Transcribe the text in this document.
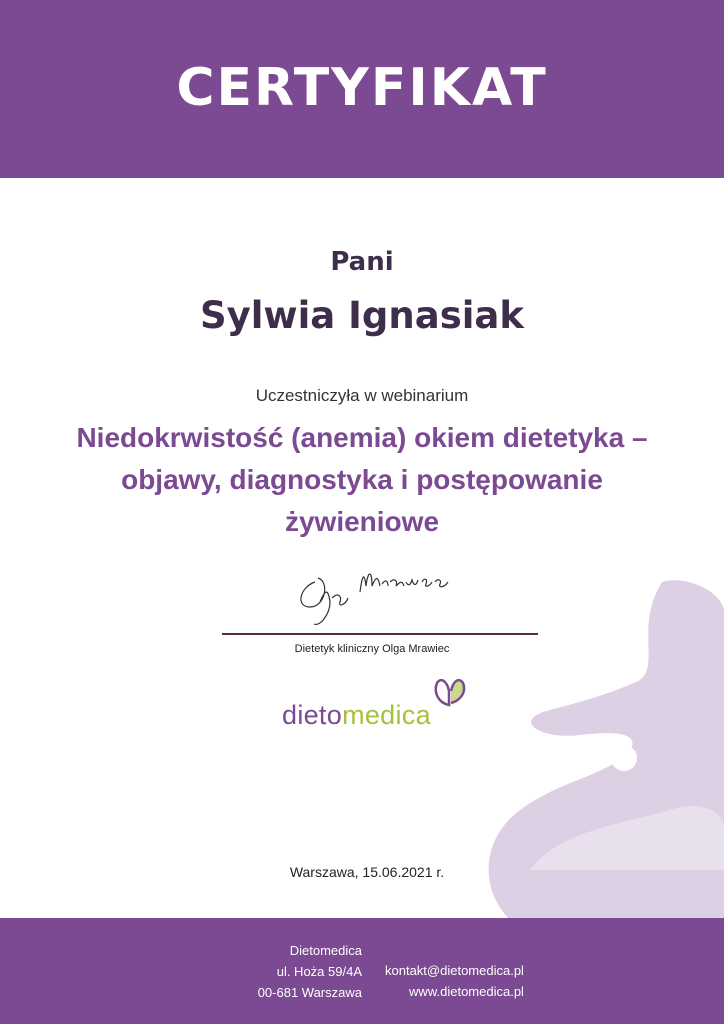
CERTYFIKAT
Pani
Sylwia Ignasiak
Uczestniczyła w webinarium
Niedokrwistość (anemia) okiem dietetyka –
objawy, diagnostyka i postępowanie
żywieniowe
Dietetyk kliniczny Olga Mrawiec
dietomedica
Warszawa, 15.06.2021 r.
Dietomedica
ul. Hoża 59/4A
00-681 Warszawa
kontakt@dietomedica.pl
www.dietomedica.pl
